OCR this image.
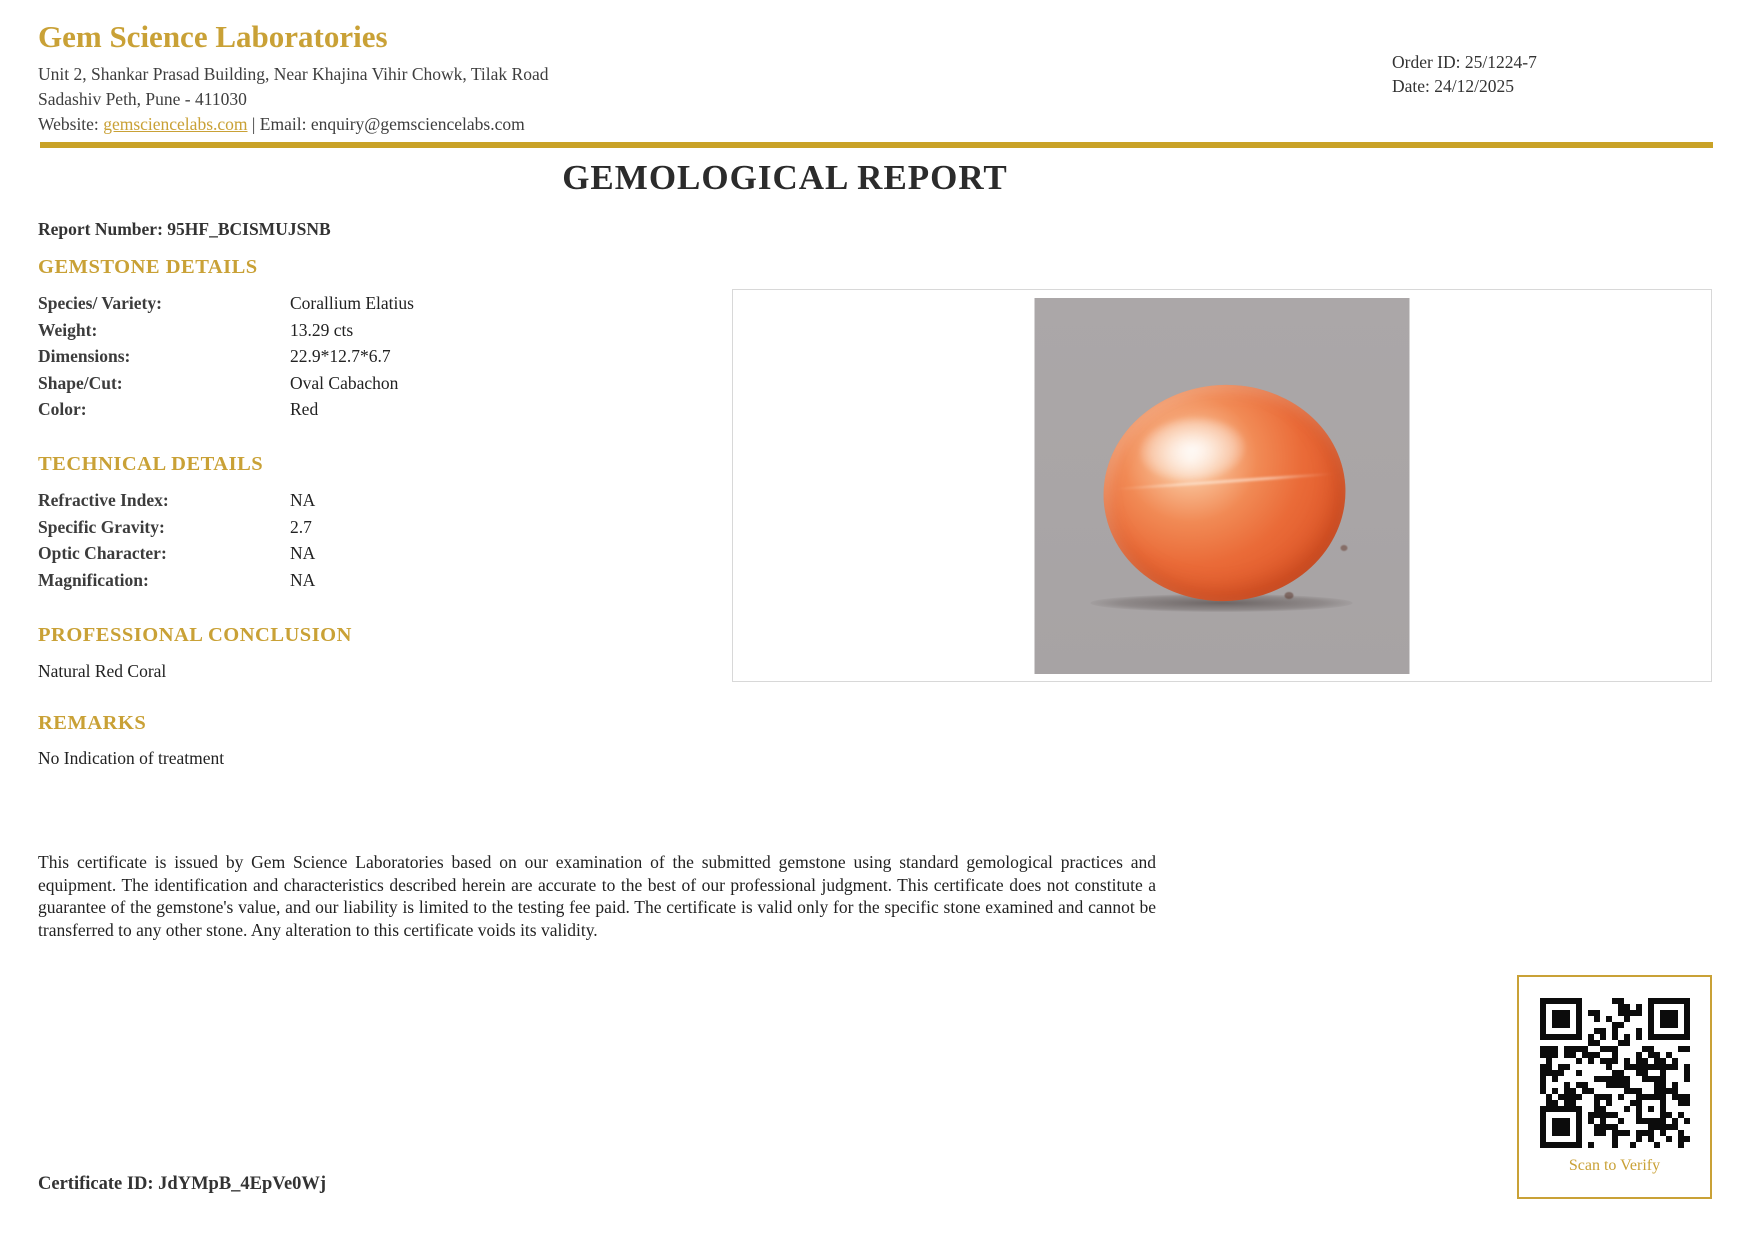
Gem Science Laboratories
Unit 2, Shankar Prasad Building, Near Khajina Vihir Chowk, Tilak Road
Sadashiv Peth, Pune - 411030
Website: gemsciencelabs.com | Email: enquiry@gemsciencelabs.com
Order ID: 25/1224-7
Date: 24/12/2025
GEMOLOGICAL REPORT
Report Number: 95HF_BCISMUJSNB
GEMSTONE DETAILS
Species/ Variety:	Corallium Elatius
Weight:	13.29 cts
Dimensions:	22.9*12.7*6.7
Shape/Cut:	Oval Cabachon
Color:	Red
TECHNICAL DETAILS
Refractive Index:	NA
Specific Gravity:	2.7
Optic Character:	NA
Magnification:	NA
PROFESSIONAL CONCLUSION
Natural Red Coral
REMARKS
No Indication of treatment
This certificate is issued by Gem Science Laboratories based on our examination of the submitted gemstone using standard gemological practices and equipment. The identification and characteristics described herein are accurate to the best of our professional judgment. This certificate does not constitute a guarantee of the gemstone's value, and our liability is limited to the testing fee paid. The certificate is valid only for the specific stone examined and cannot be transferred to any other stone. Any alteration to this certificate voids its validity.
Certificate ID: JdYMpB_4EpVe0Wj
Scan to Verify
